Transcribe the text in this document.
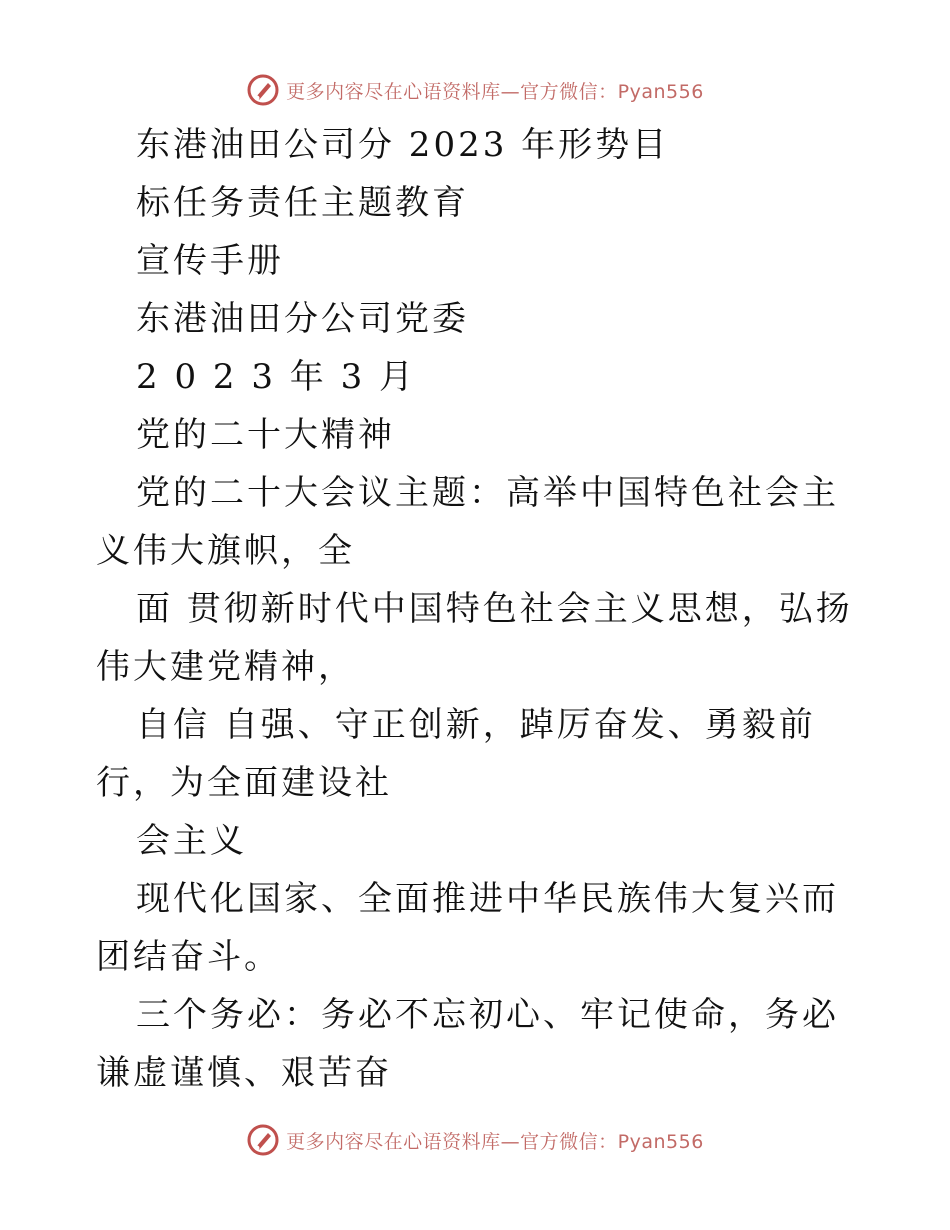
更多内容尽在心语资料库—官方微信：Pyan556

东港油田公司分 2023 年形势目

标任务责任主题教育

宣传手册

东港油田分公司党委

2 0 2 3 年 3 月

党的二十大精神

党的二十大会议主题：高举中国特色社会主义伟大旗帜，全

面 贯彻新时代中国特色社会主义思想，弘扬伟大建党精神，

自信 自强、守正创新，踔厉奋发、勇毅前行，为全面建设社

会主义

现代化国家、全面推进中华民族伟大复兴而团结奋斗。

三个务必：务必不忘初心、牢记使命，务必谦虚谨慎、艰苦奋

更多内容尽在心语资料库—官方微信：Pyan556
